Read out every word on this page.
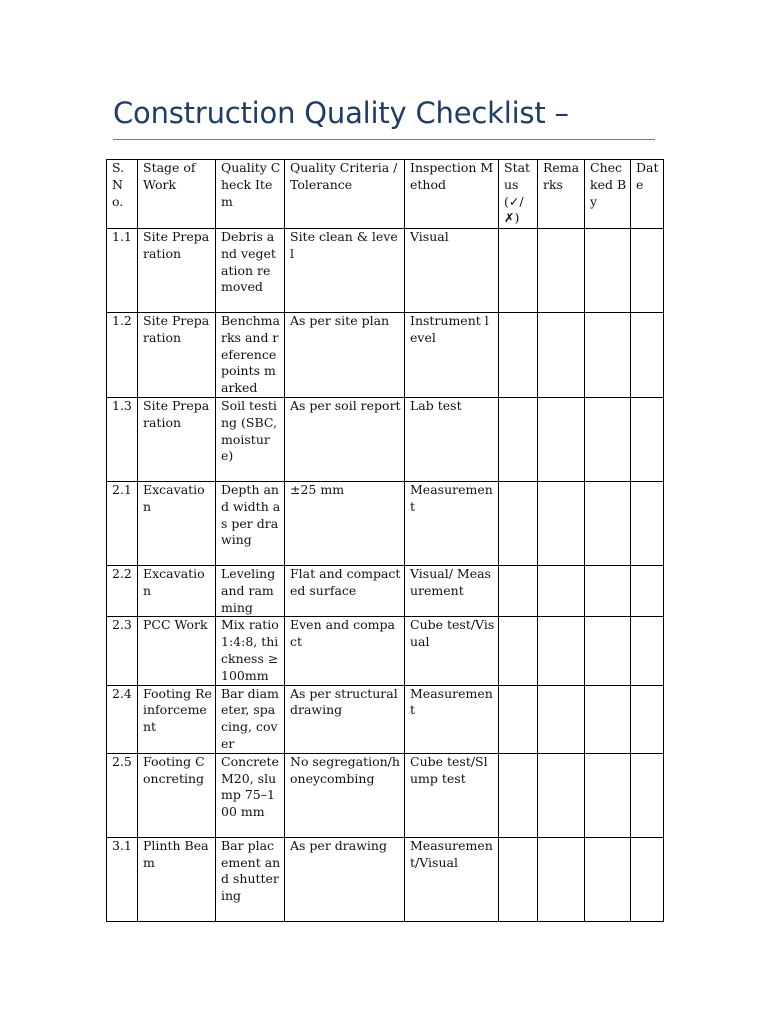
Construction Quality Checklist –
S.​N​o.	Stage of Work	Quality Check Item	Quality Criteria / Tolerance	Inspection Method	Stat​us (✓/✗)	Rema​rks	Chec​ked By	Da​te
1.1	Site Preparation	Debris and vegetation removed	Site clean & level	Visual				
1.2	Site Preparation	Benchmarks and reference points marked	As per site plan	Instrument level				
1.3	Site Preparation	Soil testing (SBC, moisture)	As per soil report	Lab test				
2.1	Excavation	Depth and width as per drawing	±25 mm	Measurement				
2.2	Excavation	Leveling and ramming	Flat and compacted surface	Visual/ Measurement				
2.3	PCC Work	Mix ratio 1:4:8, thickness ≥100mm	Even and compact	Cube test/Visual				
2.4	Footing Reinforcement	Bar diameter, spacing, cover	As per structural drawing	Measurement				
2.5	Footing Concreting	Concrete M20, slump 75–100 mm	No segregation/honeycombing	Cube test/Slump test				
3.1	Plinth Beam	Bar placement and shuttering	As per drawing	Measurement/Visual				
